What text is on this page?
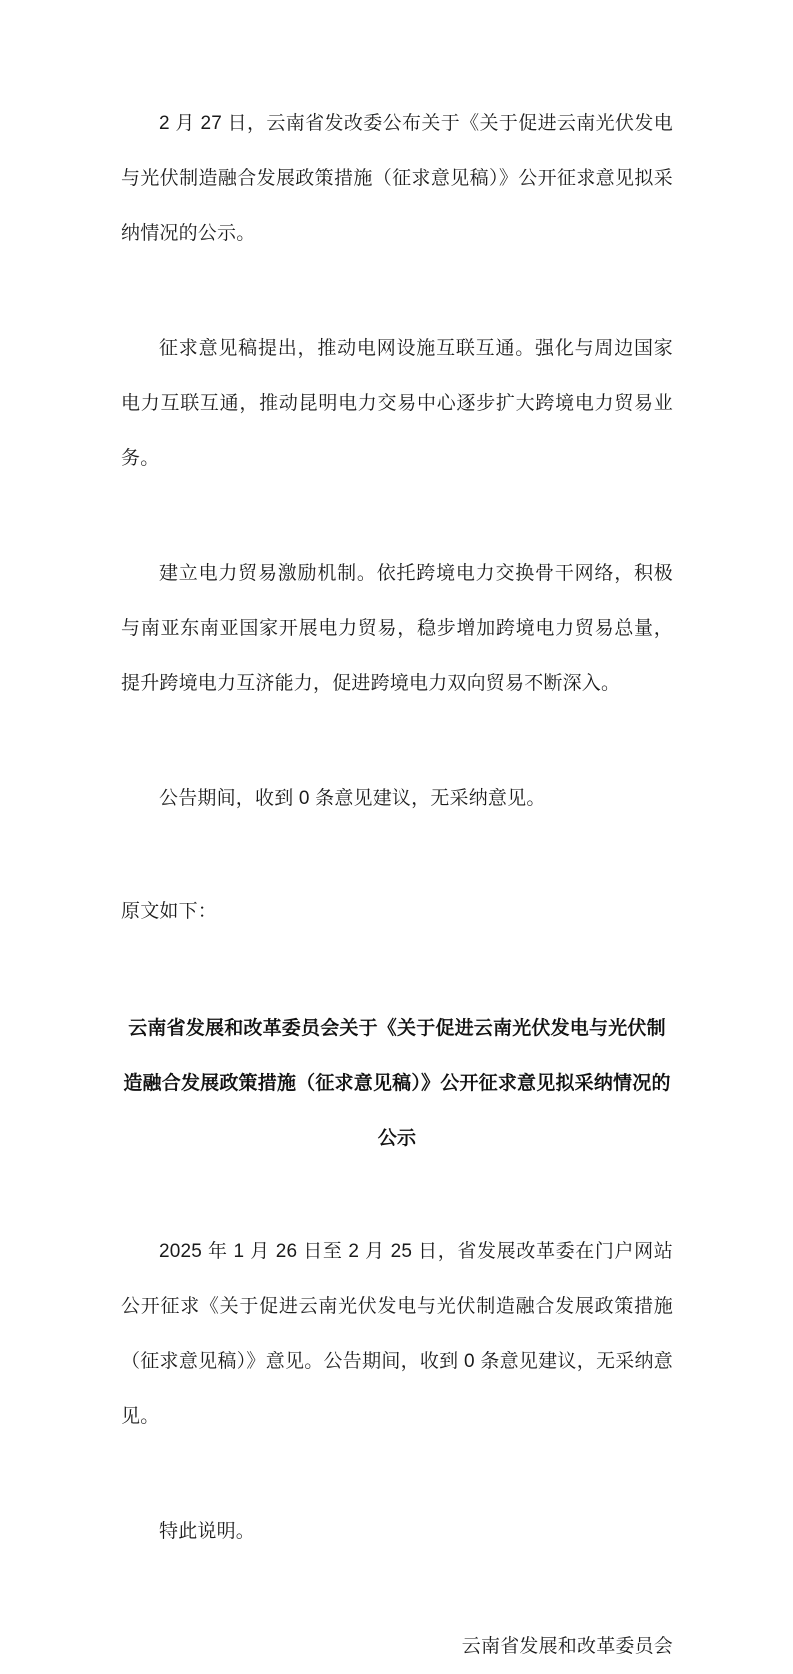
2 月 27 日，云南省发改委公布关于《关于促进云南光伏发电与光伏制造融合发展政策措施（征求意见稿）》公开征求意见拟采纳情况的公示。

征求意见稿提出，推动电网设施互联互通。强化与周边国家电力互联互通，推动昆明电力交易中心逐步扩大跨境电力贸易业务。

建立电力贸易激励机制。依托跨境电力交换骨干网络，积极与南亚东南亚国家开展电力贸易，稳步增加跨境电力贸易总量，提升跨境电力互济能力，促进跨境电力双向贸易不断深入。

公告期间，收到 0 条意见建议，无采纳意见。

原文如下：

云南省发展和改革委员会关于《关于促进云南光伏发电与光伏制造融合发展政策措施（征求意见稿）》公开征求意见拟采纳情况的公示

2025 年 1 月 26 日至 2 月 25 日，省发展改革委在门户网站公开征求《关于促进云南光伏发电与光伏制造融合发展政策措施（征求意见稿）》意见。公告期间，收到 0 条意见建议，无采纳意见。

特此说明。

云南省发展和改革委员会
